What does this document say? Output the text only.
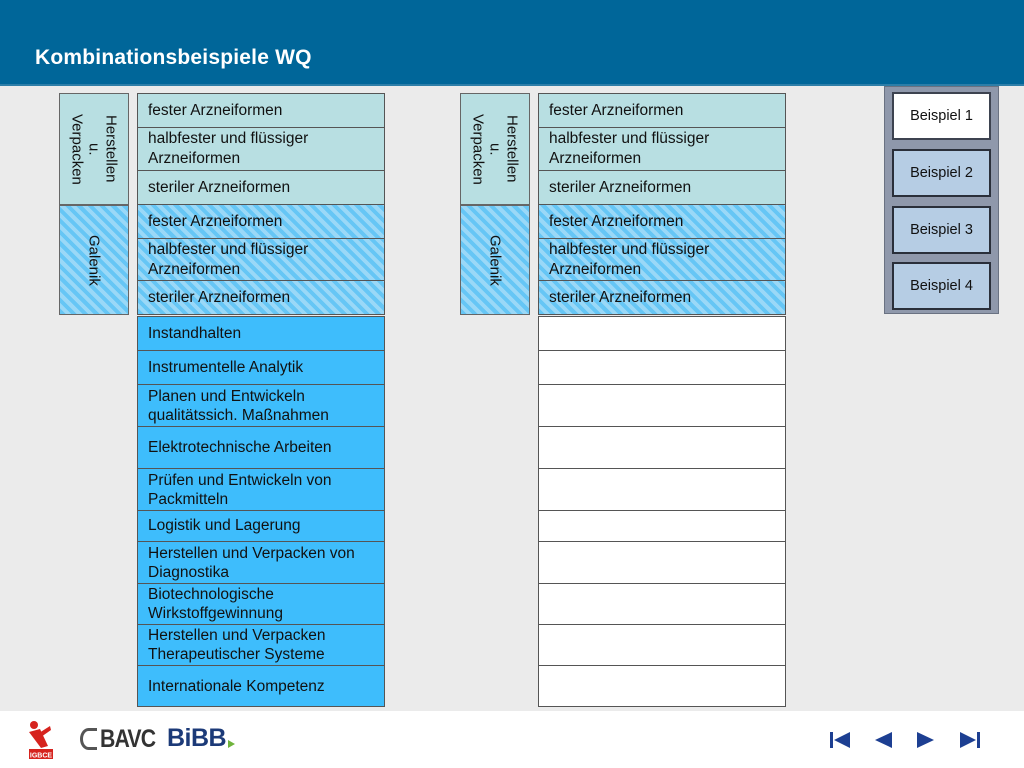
Kombinationsbeispiele WQ
Herstellen
u.
Verpacken
Galenik
Herstellen
u.
Verpacken
Galenik
fester Arzneiformen
halbfester und flüssiger Arzneiformen
steriler Arzneiformen
fester Arzneiformen
halbfester und flüssiger Arzneiformen
steriler Arzneiformen
Instandhalten
Instrumentelle Analytik
Planen und Entwickeln qualitätssich. Maßnahmen
Elektrotechnische Arbeiten
Prüfen und Entwickeln von Packmitteln
Logistik und Lagerung
Herstellen und Verpacken von Diagnostika
Biotechnologische Wirkstoffgewinnung
Herstellen und Verpacken Therapeutischer Systeme
Internationale Kompetenz
fester Arzneiformen
halbfester und flüssiger Arzneiformen
steriler Arzneiformen
fester Arzneiformen
halbfester und flüssiger Arzneiformen
steriler Arzneiformen
Beispiel 1
Beispiel 2
Beispiel 3
Beispiel 4
IGBCE
BAVC BiBB
